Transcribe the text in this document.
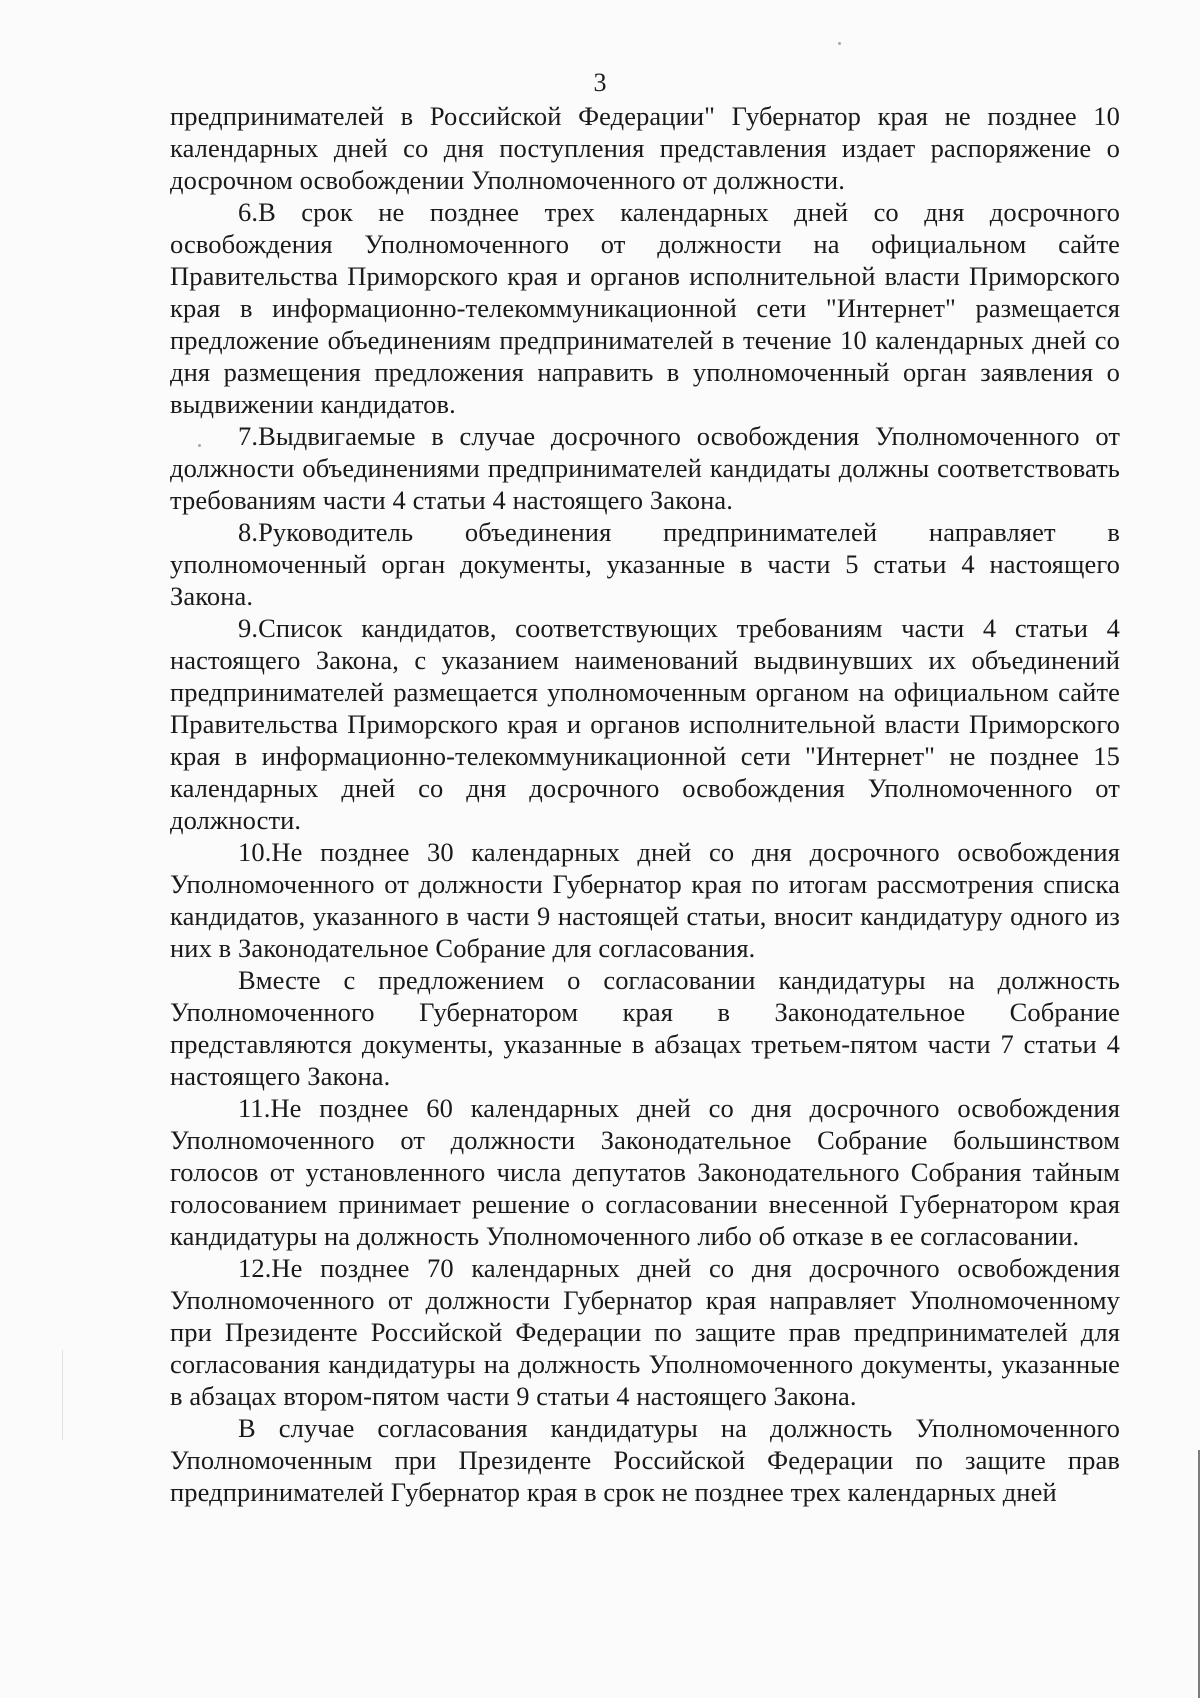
3

предпринимателей в Российской Федерации" Губернатор края не позднее 10 календарных дней со дня поступления представления издает распоряжение о досрочном освобождении Уполномоченного от должности.

6.В срок не позднее трех календарных дней со дня досрочного освобождения Уполномоченного от должности на официальном сайте Правительства Приморского края и органов исполнительной власти Приморского края в информационно-телекоммуникационной сети "Интернет" размещается предложение объединениям предпринимателей в течение 10 календарных дней со дня размещения предложения направить в уполномоченный орган заявления о выдвижении кандидатов.

7.Выдвигаемые в случае досрочного освобождения Уполномоченного от должности объединениями предпринимателей кандидаты должны соответствовать требованиям части 4 статьи 4 настоящего Закона.

8.Руководитель объединения предпринимателей направляет в уполномоченный орган документы, указанные в части 5 статьи 4 настоящего Закона.

9.Список кандидатов, соответствующих требованиям части 4 статьи 4 настоящего Закона, с указанием наименований выдвинувших их объединений предпринимателей размещается уполномоченным органом на официальном сайте Правительства Приморского края и органов исполнительной власти Приморского края в информационно-телекоммуникационной сети "Интернет" не позднее 15 календарных дней со дня досрочного освобождения Уполномоченного от должности.

10.Не позднее 30 календарных дней со дня досрочного освобождения Уполномоченного от должности Губернатор края по итогам рассмотрения списка кандидатов, указанного в части 9 настоящей статьи, вносит кандидатуру одного из них в Законодательное Собрание для согласования.

Вместе с предложением о согласовании кандидатуры на должность Уполномоченного Губернатором края в Законодательное Собрание представляются документы, указанные в абзацах третьем-пятом части 7 статьи 4 настоящего Закона.

11.Не позднее 60 календарных дней со дня досрочного освобождения Уполномоченного от должности Законодательное Собрание большинством голосов от установленного числа депутатов Законодательного Собрания тайным голосованием принимает решение о согласовании внесенной Губернатором края кандидатуры на должность Уполномоченного либо об отказе в ее согласовании.

12.Не позднее 70 календарных дней со дня досрочного освобождения Уполномоченного от должности Губернатор края направляет Уполномоченному при Президенте Российской Федерации по защите прав предпринимателей для согласования кандидатуры на должность Уполномоченного документы, указанные в абзацах втором-пятом части 9 статьи 4 настоящего Закона.

В случае согласования кандидатуры на должность Уполномоченного Уполномоченным при Президенте Российской Федерации по защите прав предпринимателей Губернатор края в срок не позднее трех календарных дней
